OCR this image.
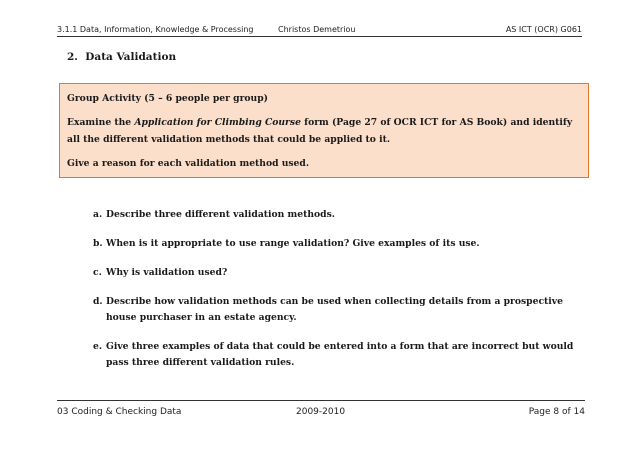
3.1.1 Data, Information, Knowledge & Processing	Christos Demetriou	AS ICT (OCR) G061
2. Data Validation

Group Activity (5 – 6 people per group)

Examine the Application for Climbing Course form (Page 27 of OCR ICT for AS Book) and identify all the different validation methods that could be applied to it.

Give a reason for each validation method used.

a. Describe three different validation methods.
b. When is it appropriate to use range validation? Give examples of its use.
c. Why is validation used?
d. Describe how validation methods can be used when collecting details from a prospective house purchaser in an estate agency.
e. Give three examples of data that could be entered into a form that are incorrect but would pass three different validation rules.
03 Coding & Checking Data	2009-2010	Page 8 of 14
